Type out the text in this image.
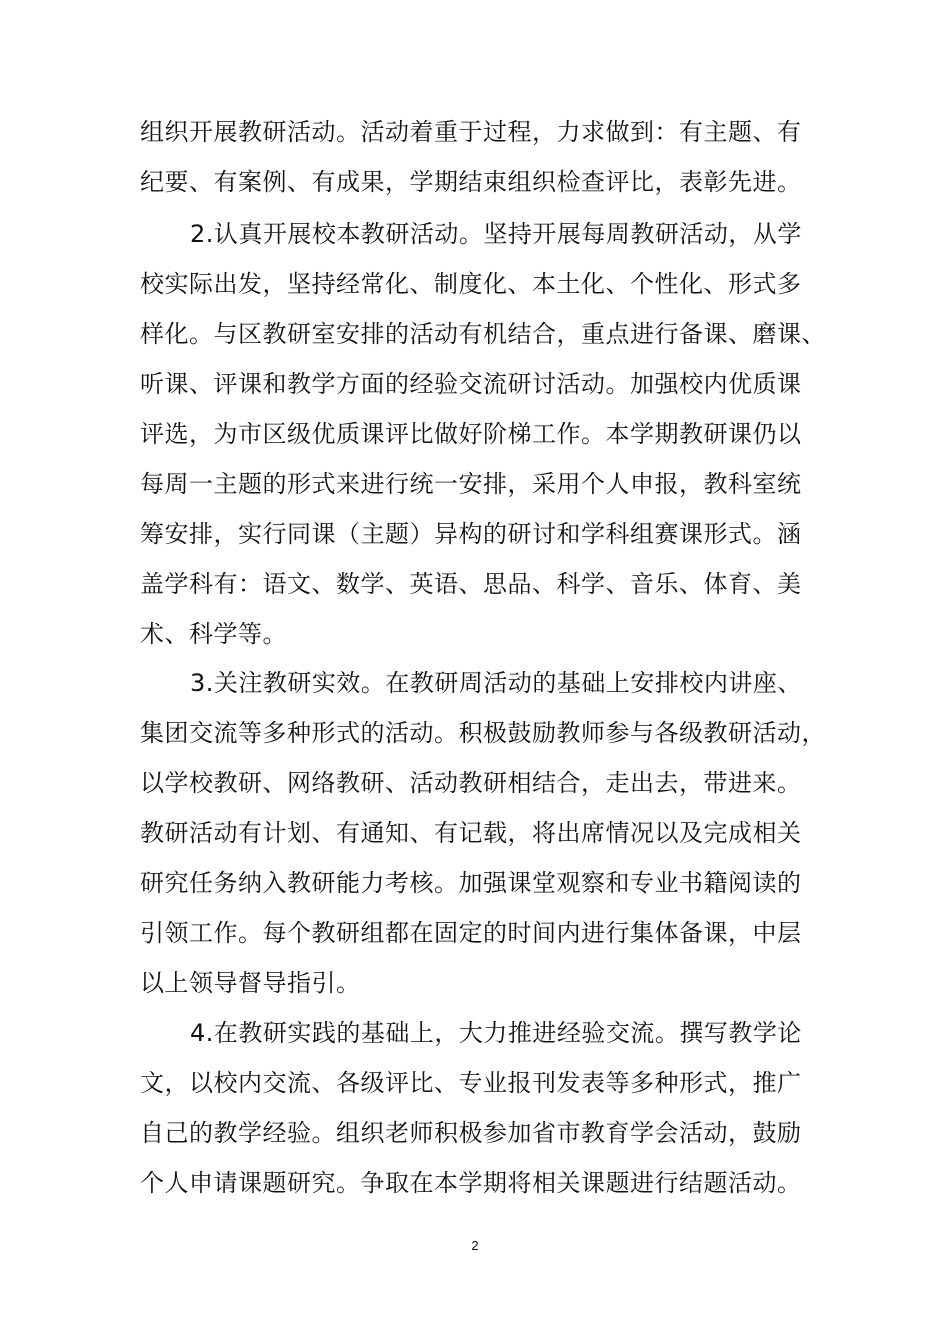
组织开展教研活动。活动着重于过程，力求做到：有主题、有
纪要、有案例、有成果，学期结束组织检查评比，表彰先进。
2.认真开展校本教研活动。坚持开展每周教研活动，从学
校实际出发，坚持经常化、制度化、本土化、个性化、形式多
样化。与区教研室安排的活动有机结合，重点进行备课、磨课、
听课、评课和教学方面的经验交流研讨活动。加强校内优质课
评选，为市区级优质课评比做好阶梯工作。本学期教研课仍以
每周一主题的形式来进行统一安排，采用个人申报，教科室统
筹安排，实行同课（主题）异构的研讨和学科组赛课形式。涵
盖学科有：语文、数学、英语、思品、科学、音乐、体育、美
术、科学等。
3.关注教研实效。在教研周活动的基础上安排校内讲座、
集团交流等多种形式的活动。积极鼓励教师参与各级教研活动，
以学校教研、网络教研、活动教研相结合，走出去，带进来。
教研活动有计划、有通知、有记载，将出席情况以及完成相关
研究任务纳入教研能力考核。加强课堂观察和专业书籍阅读的
引领工作。每个教研组都在固定的时间内进行集体备课，中层
以上领导督导指引。
4.在教研实践的基础上，大力推进经验交流。撰写教学论
文，以校内交流、各级评比、专业报刊发表等多种形式，推广
自己的教学经验。组织老师积极参加省市教育学会活动，鼓励
个人申请课题研究。争取在本学期将相关课题进行结题活动。
2
